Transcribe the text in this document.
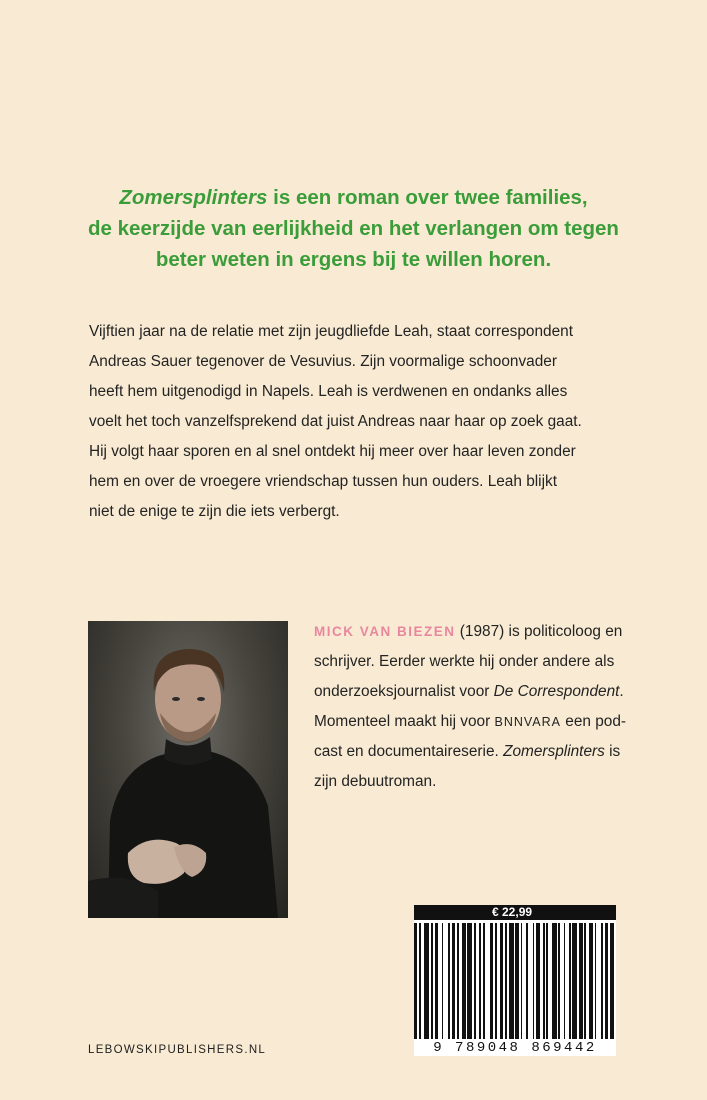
Zomersplinters is een roman over twee families,

de keerzijde van eerlijkheid en het verlangen om tegen

beter weten in ergens bij te willen horen.

Vijftien jaar na de relatie met zijn jeugdliefde Leah, staat correspondent
Andreas Sauer tegenover de Vesuvius. Zijn voormalige schoonvader
heeft hem uitgenodigd in Napels. Leah is verdwenen en ondanks alles
voelt het toch vanzelfsprekend dat juist Andreas naar haar op zoek gaat.
Hij volgt haar sporen en al snel ontdekt hij meer over haar leven zonder
hem en over de vroegere vriendschap tussen hun ouders. Leah blijkt
niet de enige te zijn die iets verbergt.
MICK VAN BIEZEN (1987) is politicoloog en
schrijver. Eerder werkte hij onder andere als
onderzoeksjournalist voor De Correspondent.
Momenteel maakt hij voor BNNVARA een pod-
cast en documentaireserie. Zomersplinters is
zijn debuutroman.
LEBOWSKIPUBLISHERS.NL
€ 22,99
9 789048 869442
